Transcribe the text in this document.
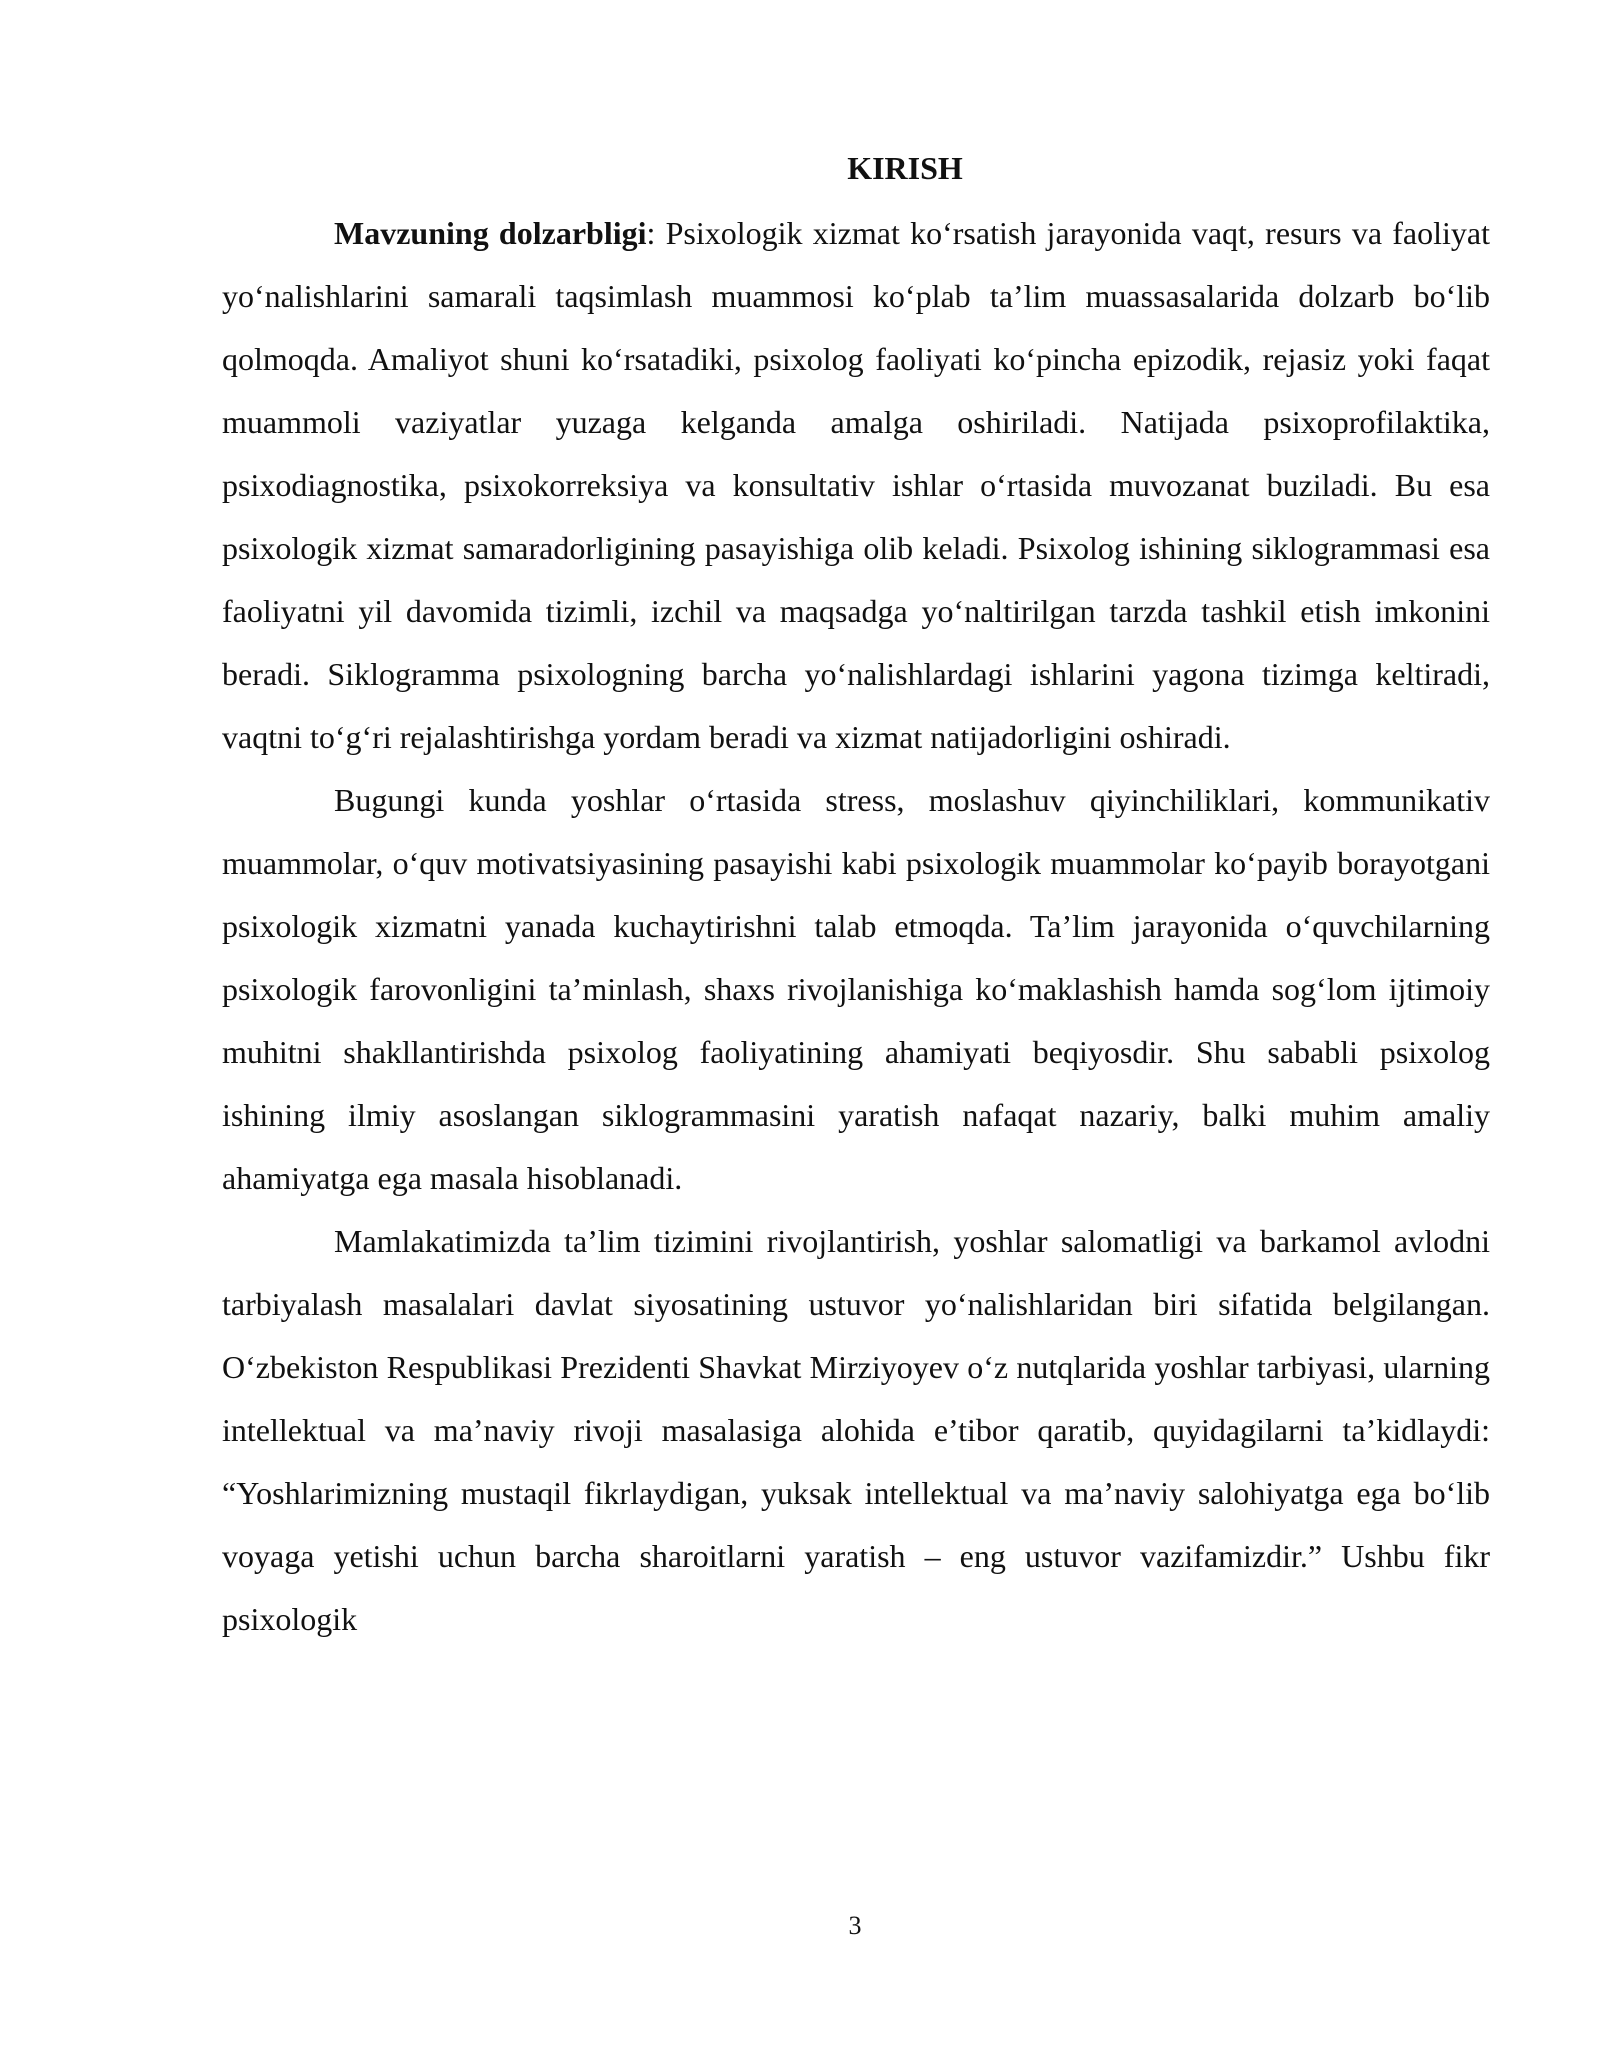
KIRISH

Mavzuning dolzarbligi: Psixologik xizmat ko‘rsatish jarayonida vaqt, resurs va faoliyat yo‘nalishlarini samarali taqsimlash muammosi ko‘plab ta’lim muassasalarida dolzarb bo‘lib qolmoqda. Amaliyot shuni ko‘rsatadiki, psixolog faoliyati ko‘pincha epizodik, rejasiz yoki faqat muammoli vaziyatlar yuzaga kelganda amalga oshiriladi. Natijada psixoprofilaktika, psixodiagnostika, psixokorreksiya va konsultativ ishlar o‘rtasida muvozanat buziladi. Bu esa psixologik xizmat samaradorligining pasayishiga olib keladi. Psixolog ishining siklogrammasi esa faoliyatni yil davomida tizimli, izchil va maqsadga yo‘naltirilgan tarzda tashkil etish imkonini beradi. Siklogramma psixologning barcha yo‘nalishlardagi ishlarini yagona tizimga keltiradi, vaqtni to‘g‘ri rejalashtirishga yordam beradi va xizmat natijadorligini oshiradi.

Bugungi kunda yoshlar o‘rtasida stress, moslashuv qiyinchiliklari, kommunikativ muammolar, o‘quv motivatsiyasining pasayishi kabi psixologik muammolar ko‘payib borayotgani psixologik xizmatni yanada kuchaytirishni talab etmoqda. Ta’lim jarayonida o‘quvchilarning psixologik farovonligini ta’minlash, shaxs rivojlanishiga ko‘maklashish hamda sog‘lom ijtimoiy muhitni shakllantirishda psixolog faoliyatining ahamiyati beqiyosdir. Shu sababli psixolog ishining ilmiy asoslangan siklogrammasini yaratish nafaqat nazariy, balki muhim amaliy ahamiyatga ega masala hisoblanadi.

Mamlakatimizda ta’lim tizimini rivojlantirish, yoshlar salomatligi va barkamol avlodni tarbiyalash masalalari davlat siyosatining ustuvor yo‘nalishlaridan biri sifatida belgilangan. O‘zbekiston Respublikasi Prezidenti Shavkat Mirziyoyev o‘z nutqlarida yoshlar tarbiyasi, ularning intellektual va ma’naviy rivoji masalasiga alohida e’tibor qaratib, quyidagilarni ta’kidlaydi: “Yoshlarimizning mustaqil fikrlaydigan, yuksak intellektual va ma’naviy salohiyatga ega bo‘lib voyaga yetishi uchun barcha sharoitlarni yaratish – eng ustuvor vazifamizdir.” Ushbu fikr psixologik

3
